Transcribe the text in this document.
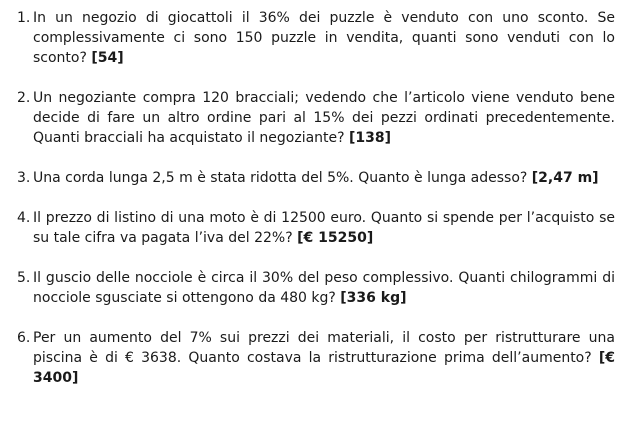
1. In un negozio di giocattoli il 36% dei puzzle è venduto con uno sconto. Se complessivamente ci sono 150 puzzle in vendita, quanti sono venduti con lo sconto? [54]
2. Un negoziante compra 120 bracciali; vedendo che l’articolo viene venduto bene decide di fare un altro ordine pari al 15% dei pezzi ordinati precedentemente. Quanti bracciali ha acquistato il negoziante? [138]
3. Una corda lunga 2,5 m è stata ridotta del 5%. Quanto è lunga adesso? [2,47 m]
4. Il prezzo di listino di una moto è di 12500 euro. Quanto si spende per l’acquisto se su tale cifra va pagata l’iva del 22%? [€ 15250]
5. Il guscio delle nocciole è circa il 30% del peso complessivo. Quanti chilogrammi di nocciole sgusciate si ottengono da 480 kg? [336 kg]
6. Per un aumento del 7% sui prezzi dei materiali, il costo per ristrutturare una piscina è di € 3638. Quanto costava la ristrutturazione prima dell’aumento? [€ 3400]
